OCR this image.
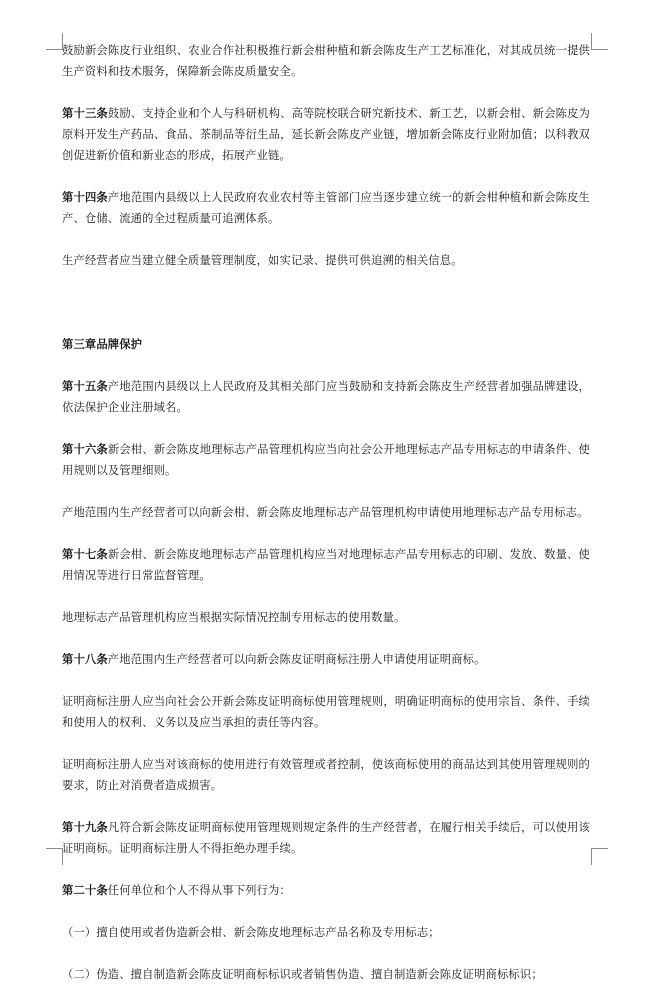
鼓励新会陈皮行业组织、农业合作社积极推行新会柑种植和新会陈皮生产工艺标准化，对其成员统一提供生产资料和技术服务，保障新会陈皮质量安全。

第十三条鼓励、支持企业和个人与科研机构、高等院校联合研究新技术、新工艺，以新会柑、新会陈皮为原料开发生产药品、食品、茶制品等衍生品，延长新会陈皮产业链，增加新会陈皮行业附加值；以科教双创促进新价值和新业态的形成，拓展产业链。

第十四条产地范围内县级以上人民政府农业农村等主管部门应当逐步建立统一的新会柑种植和新会陈皮生产、仓储、流通的全过程质量可追溯体系。

生产经营者应当建立健全质量管理制度，如实记录、提供可供追溯的相关信息。

第三章品牌保护

第十五条产地范围内县级以上人民政府及其相关部门应当鼓励和支持新会陈皮生产经营者加强品牌建设，依法保护企业注册域名。

第十六条新会柑、新会陈皮地理标志产品管理机构应当向社会公开地理标志产品专用标志的申请条件、使用规则以及管理细则。

产地范围内生产经营者可以向新会柑、新会陈皮地理标志产品管理机构申请使用地理标志产品专用标志。

第十七条新会柑、新会陈皮地理标志产品管理机构应当对地理标志产品专用标志的印刷、发放、数量、使用情况等进行日常监督管理。

地理标志产品管理机构应当根据实际情况控制专用标志的使用数量。

第十八条产地范围内生产经营者可以向新会陈皮证明商标注册人申请使用证明商标。

证明商标注册人应当向社会公开新会陈皮证明商标使用管理规则，明确证明商标的使用宗旨、条件、手续和使用人的权利、义务以及应当承担的责任等内容。

证明商标注册人应当对该商标的使用进行有效管理或者控制，使该商标使用的商品达到其使用管理规则的要求，防止对消费者造成损害。

第十九条凡符合新会陈皮证明商标使用管理规则规定条件的生产经营者，在履行相关手续后，可以使用该证明商标。证明商标注册人不得拒绝办理手续。

第二十条任何单位和个人不得从事下列行为：

（一）擅自使用或者伪造新会柑、新会陈皮地理标志产品名称及专用标志；

（二）伪造、擅自制造新会陈皮证明商标标识或者销售伪造、擅自制造新会陈皮证明商标标识；
